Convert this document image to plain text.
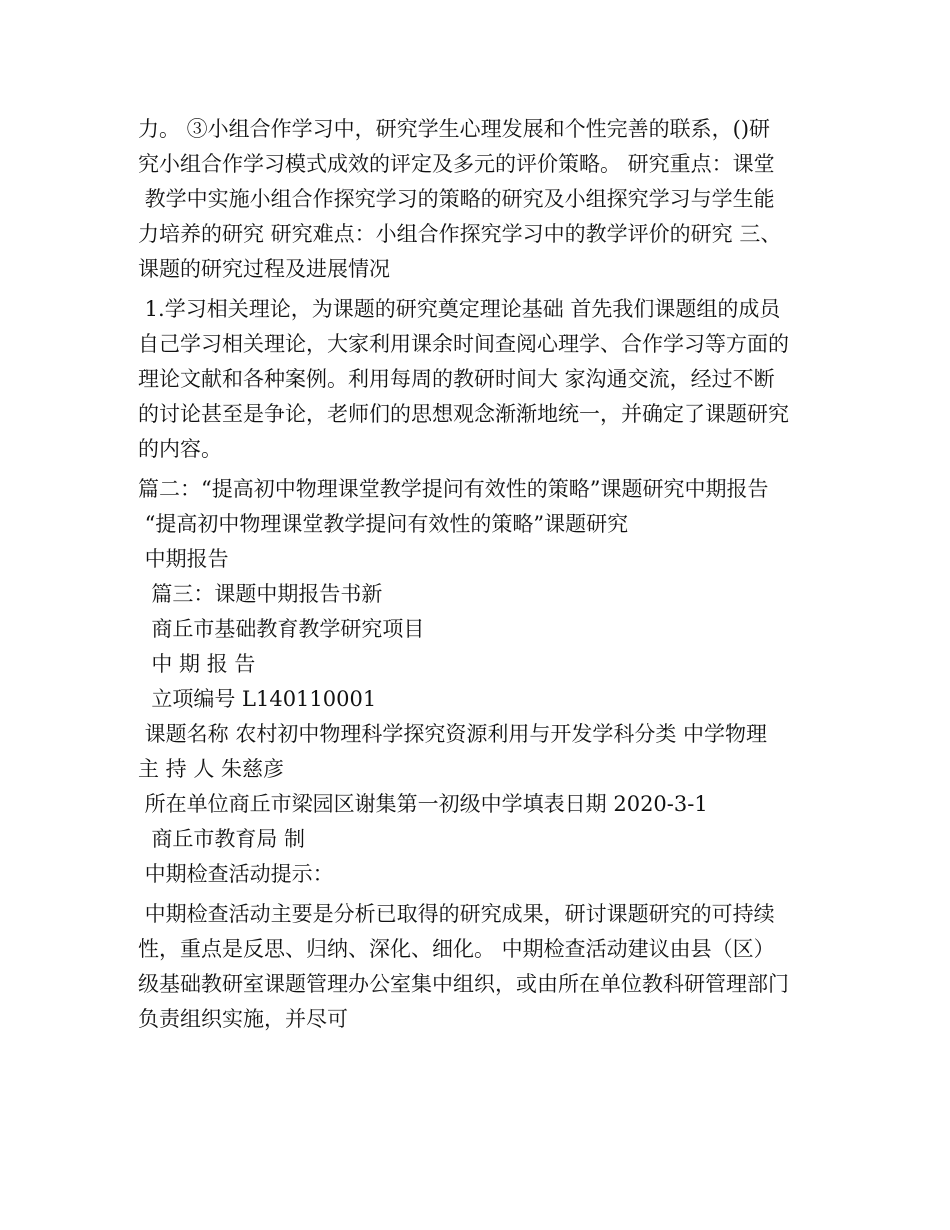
力。 ③小组合作学习中，研究学生心理发展和个性完善的联系，()研
究小组合作学习模式成效的评定及多元的评价策略。 研究重点：课堂
教学中实施小组合作探究学习的策略的研究及小组探究学习与学生能
力培养的研究 研究难点：小组合作探究学习中的教学评价的研究 三、
课题的研究过程及进展情况
1.学习相关理论，为课题的研究奠定理论基础 首先我们课题组的成员
自己学习相关理论，大家利用课余时间查阅心理学、合作学习等方面的
理论文献和各种案例。利用每周的教研时间大 家沟通交流，经过不断
的讨论甚至是争论，老师们的思想观念渐渐地统一，并确定了课题研究
的内容。
篇二：“提高初中物理课堂教学提问有效性的策略”课题研究中期报告
“提高初中物理课堂教学提问有效性的策略”课题研究
中期报告
篇三：课题中期报告书新
商丘市基础教育教学研究项目
中 期 报 告
立项编号 L140110001
课题名称 农村初中物理科学探究资源利用与开发学科分类 中学物理
主 持 人 朱慈彦
所在单位商丘市梁园区谢集第一初级中学填表日期 2020-3-1
商丘市教育局 制
中期检查活动提示：
中期检查活动主要是分析已取得的研究成果，研讨课题研究的可持续
性，重点是反思、归纳、深化、细化。 中期检查活动建议由县（区）
级基础教研室课题管理办公室集中组织，或由所在单位教科研管理部门
负责组织实施，并尽可
